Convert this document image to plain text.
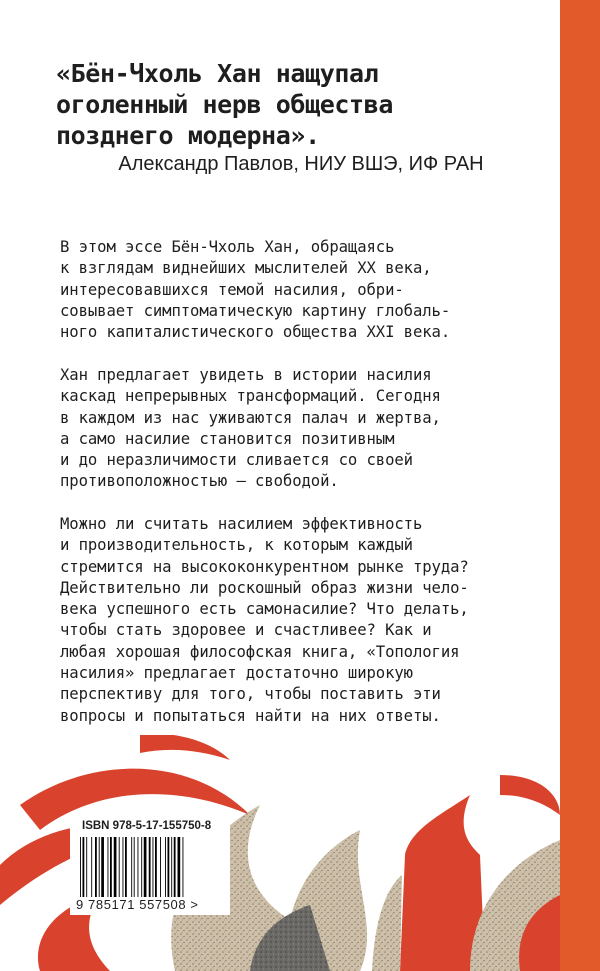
«Бён-Чхоль Хан нащупал
оголенный нерв общества
позднего модерна».
Александр Павлов, НИУ ВШЭ, ИФ РАН
В этом эссе Бён-Чхоль Хан, обращаясь
к взглядам виднейших мыслителей XX века,
интересовавшихся темой насилия, обри-
совывает симптоматическую картину глобаль-
ного капиталистического общества XXI века.
Хан предлагает увидеть в истории насилия
каскад непрерывных трансформаций. Сегодня
в каждом из нас уживаются палач и жертва,
а само насилие становится позитивным
и до неразличимости сливается со своей
противоположностью – свободой.
Можно ли считать насилием эффективность
и производительность, к которым каждый
стремится на высококонкурентном рынке труда?
Действительно ли роскошный образ жизни чело-
века успешного есть самонасилие? Что делать,
чтобы стать здоровее и счастливее? Как и
любая хорошая философская книга, «Топология
насилия» предлагает достаточно широкую
перспективу для того, чтобы поставить эти
вопросы и попытаться найти на них ответы.
ISBN 978-5-17-155750-8
9 785171 557508 >
